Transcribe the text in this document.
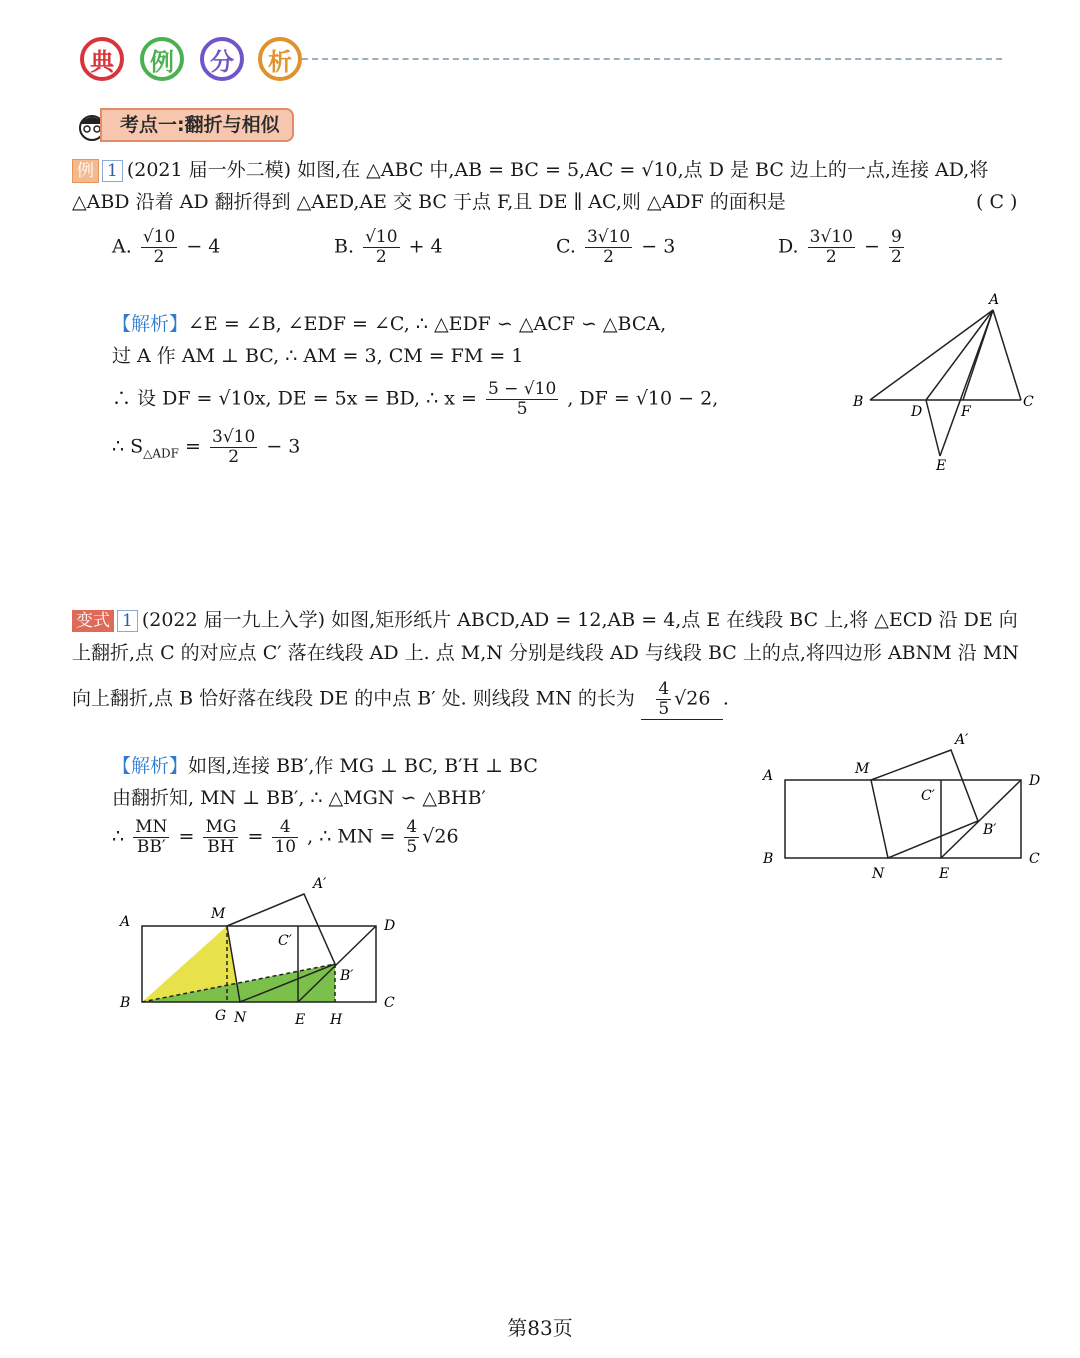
典	例	分	析
考点一:翻折与相似
例 1 (2021 届一外二模) 如图,在 △ABC 中,AB = BC = 5,AC = √10,点 D 是 BC 边上的一点,连接 AD,将
△ABD 沿着 AD 翻折得到 △AED,AE 交 BC 于点 F,且 DE ∥ AC,则 △ADF 的面积是	( C )
A. $\frac{√10}{2} - 4$	B. $\frac{√10}{2} + 4$	C. $\frac{3√10}{2} - 3$	D. $\frac{3√10}{2} - \frac{9}{2}$
【解析】∠E = ∠B, ∠EDF = ∠C, ∴ △EDF ∽ △ACF ∽ △BCA,
过 A 作 AM ⊥ BC, ∴ AM = 3, CM = FM = 1
∴ 设 DF = √10x, DE = 5x = BD, ∴ $x = \frac{5 - √10}{5}$ , DF = √10 − 2,
∴ $S_{\triangle ADF} = \frac{3√10}{2} - 3$
A
B	C
D	F
E
变式 1 (2022 届一九上入学) 如图,矩形纸片 ABCD,AD = 12,AB = 4,点 E 在线段 BC 上,将 △ECD 沿 DE 向
上翻折,点 C 的对应点 C′ 落在线段 AD 上. 点 M,N 分别是线段 AD 与线段 BC 上的点,将四边形 ABNM 沿 MN
向上翻折,点 B 恰好落在线段 DE 的中点 B′ 处. 则线段 MN 的长为 $\frac{4}{5} √26$ .
【解析】如图,连接 BB′,作 MG ⊥ BC, B′H ⊥ BC
由翻折知, MN ⊥ BB′, ∴ △MGN ∽ △BHB′
∴ $\frac{MN}{BB'} = \frac{MG}{BH} = \frac{4}{10}$ , ∴ MN = $\frac{4}{5} √26$
A
B
D
C
M
A′
C′
B′
N	E
A
B
D
C
M
A′
C′
B′
G N	E H
第83页
